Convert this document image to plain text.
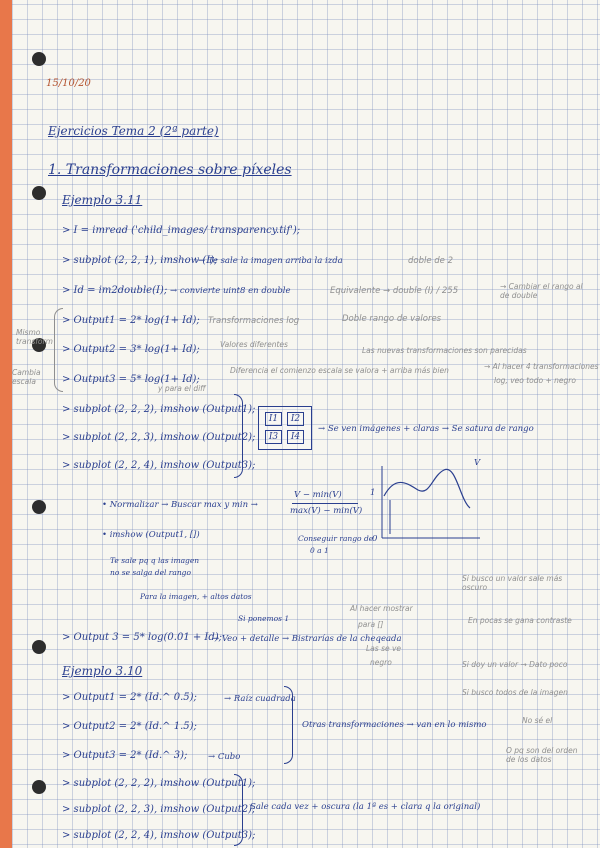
15/10/20
Ejercicios Tema 2 (2ª parte)
1. Transformaciones sobre píxeles
Ejemplo 3.11
> I = imread ('child_images/ transparency.tif');
> subplot (2, 2, 1), imshow (I);
→ Te sale la imagen arriba la izda	doble de 2
> Id = im2double(I); → convierte uint8 en double	Equivalente → double (I) / 255	→ Cambiar el rango al de double
Mismo transform
Cambia escala
> Output1 = 2* log(1+ Id); Transformaciones log	Doble rango de valores
> Output2 = 3* log(1+ Id);	Valores diferentes
Las nuevas transformaciones son parecidas
> Output3 = 5* log(1+ Id);
Diferencia el comienzo escala se valora + arriba más bien	→ Al hacer 4 transformaciones
log, veo todo + negro
y para el diff
> subplot (2, 2, 2), imshow (Output1);
> subplot (2, 2, 3), imshow (Output2);
> subplot (2, 2, 4), imshow (Output3);
I1	I2
I3	I4
→ Se ven imágenes + claras → Se satura de rango
• Normalizar → Buscar max y min →
V − min(V)
max(V) − min(V)
V
1
0
• imshow (Output1, [])
Te sale pq q las imagen
no se salga del rango
Para la imagen, + altos datos
Conseguir rango de
0 a 1
Si busco un valor sale más oscuro
En pocas se gana contraste
Si doy un valor → Dato poco
Si busco todos de la imagen
No sé el
O pq son del orden de los datos
Al hacer mostrar
para []
Las se ve
negro
Si ponemos 1
> Output 3 = 5* log(0.01 + Id);
→ Veo + detalle → Bistrarías de la cheqeada
Ejemplo 3.10
> Output1 = 2* (Id.^ 0.5);	→ Raíz cuadrada
> Output2 = 2* (Id.^ 1.5);
> Output3 = 2* (Id.^ 3); → Cubo
Otras transformaciones → van en lo mismo
> subplot (2, 2, 2), imshow (Output1);
> subplot (2, 2, 3), imshow (Output2);
> subplot (2, 2, 4), imshow (Output3);
Sale cada vez + oscura (la 1ª es + clara q la original)
